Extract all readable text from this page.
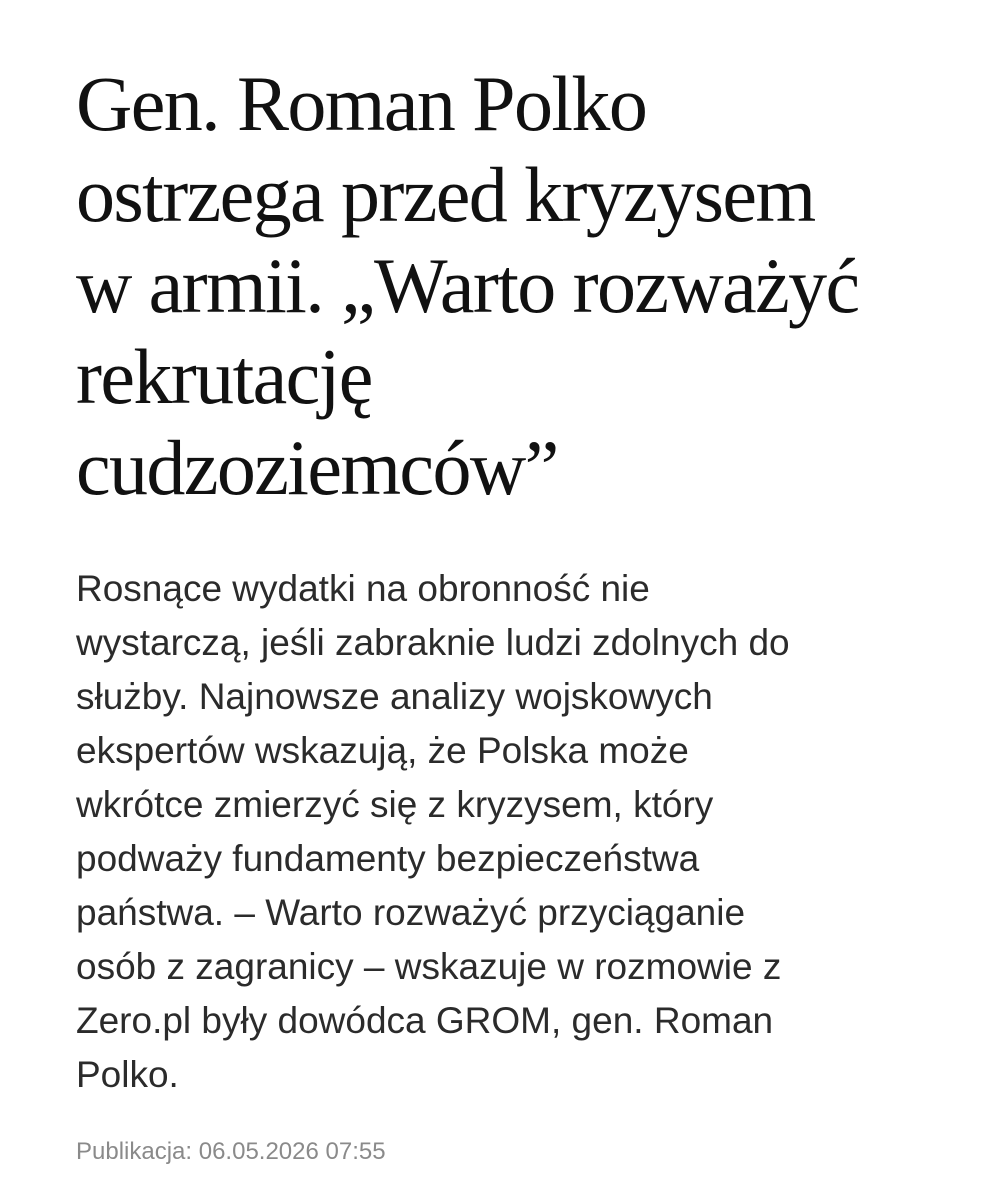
Gen. Roman Polko
ostrzega przed kryzysem
w armii. „Warto rozważyć
rekrutację
cudzoziemców”

Rosnące wydatki na obronność nie
wystarczą, jeśli zabraknie ludzi zdolnych do
służby. Najnowsze analizy wojskowych
ekspertów wskazują, że Polska może
wkrótce zmierzyć się z kryzysem, który
podważy fundamenty bezpieczeństwa
państwa. – Warto rozważyć przyciąganie
osób z zagranicy – wskazuje w rozmowie z
Zero.pl były dowódca GROM, gen. Roman
Polko.

Publikacja: 06.05.2026 07:55
